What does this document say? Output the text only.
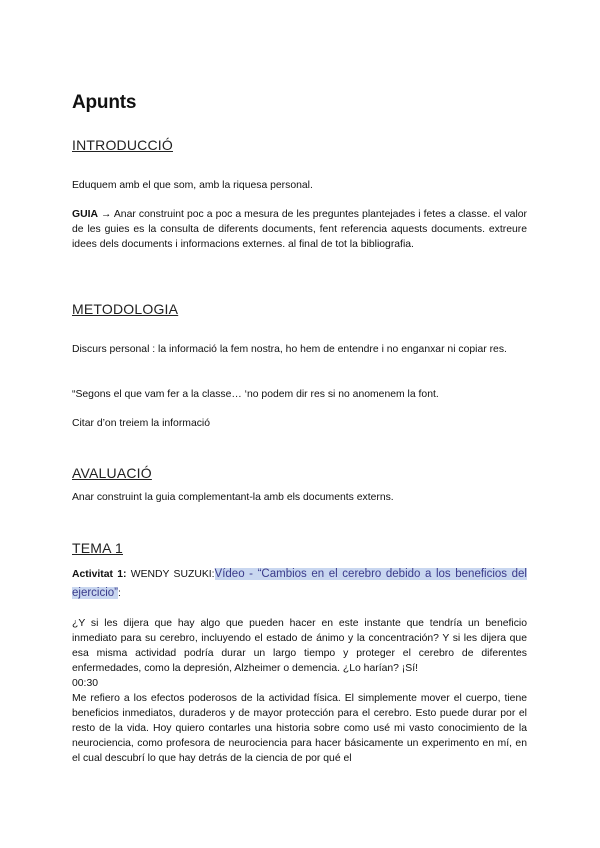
Apunts
INTRODUCCIÓ

Eduquem amb el que som, amb la riquesa personal.

GUIA → Anar construint poc a poc a mesura de les preguntes plantejades i fetes a classe. el valor de les guies es la consulta de diferents documents, fent referencia aquests documents. extreure idees dels documents i informacions externes. al final de tot la bibliografia.

METODOLOGIA

Discurs personal : la informació la fem nostra, ho hem de entendre i no enganxar ni copiar res.

“Segons el que vam fer a la classe… ‘no podem dir res si no anomenem la font.

Citar d’on treiem la informació

AVALUACIÓ

Anar construint la guia complementant-la amb els documents externs.

TEMA 1

Activitat 1: WENDY SUZUKI:Vídeo - “Cambios en el cerebro debido a los beneficios del ejercicio”:

¿Y si les dijera que hay algo que pueden hacer en este instante que tendría un beneficio inmediato para su cerebro, incluyendo el estado de ánimo y la concentración? Y si les dijera que esa misma actividad podría durar un largo tiempo y proteger el cerebro de diferentes enfermedades, como la depresión, Alzheimer o demencia. ¿Lo harían? ¡Sí!

00:30

Me refiero a los efectos poderosos de la actividad física. El simplemente mover el cuerpo, tiene beneficios inmediatos, duraderos y de mayor protección para el cerebro. Esto puede durar por el resto de la vida. Hoy quiero contarles una historia sobre como usé mi vasto conocimiento de la neurociencia, como profesora de neurociencia para hacer básicamente un experimento en mí, en el cual descubrí lo que hay detrás de la ciencia de por qué el
